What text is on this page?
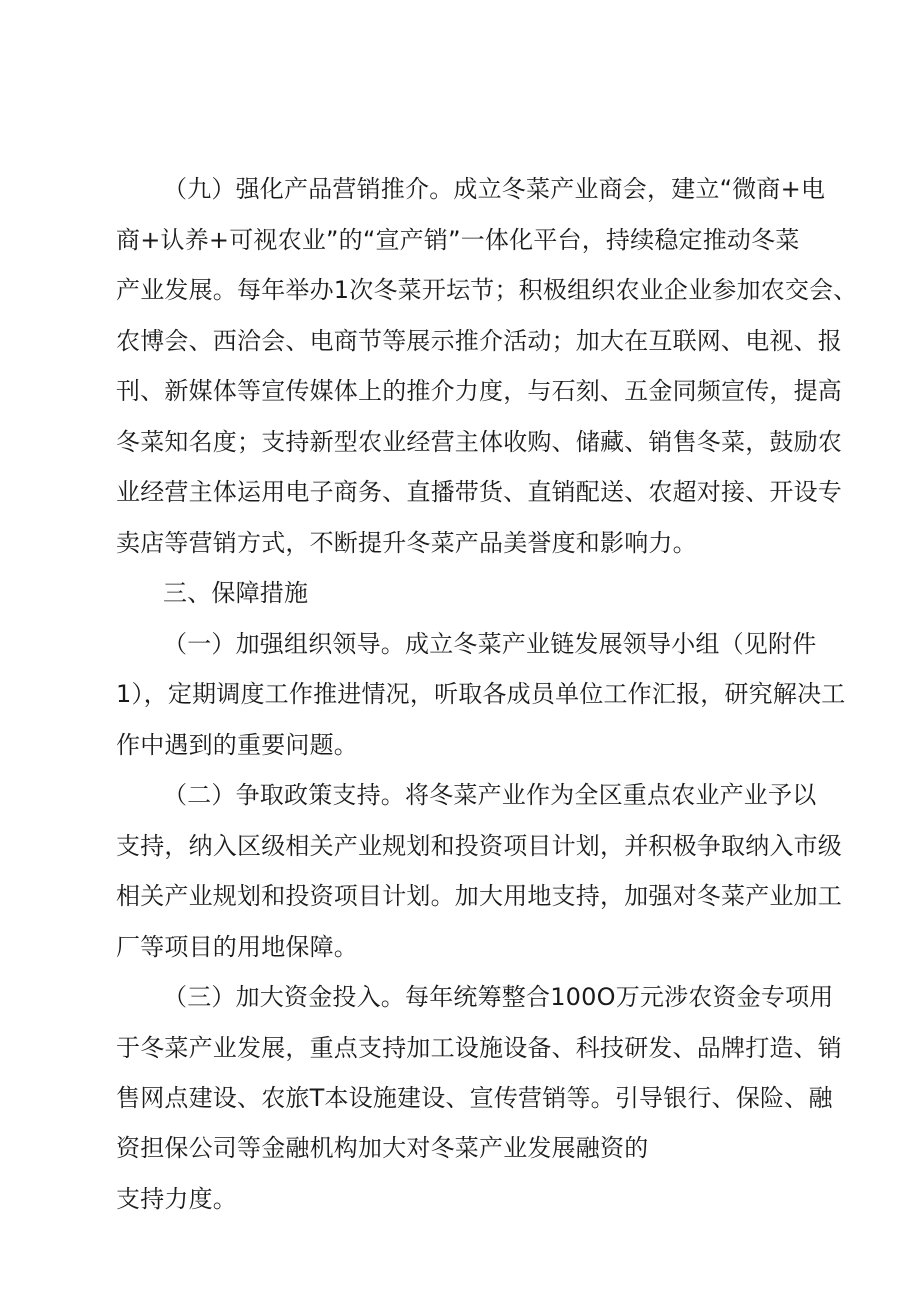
（九）强化产品营销推介。成立冬菜产业商会，建立“微商+电
商+认养+可视农业”的“宣产销”一体化平台，持续稳定推动冬菜
产业发展。每年举办1次冬菜开坛节；积极组织农业企业参加农交会、
农博会、西洽会、电商节等展示推介活动；加大在互联网、电视、报
刊、新媒体等宣传媒体上的推介力度，与石刻、五金同频宣传，提高
冬菜知名度；支持新型农业经营主体收购、储藏、销售冬菜，鼓励农
业经营主体运用电子商务、直播带货、直销配送、农超对接、开设专
卖店等营销方式，不断提升冬菜产品美誉度和影响力。
三、保障措施
（一）加强组织领导。成立冬菜产业链发展领导小组（见附件
1），定期调度工作推进情况，听取各成员单位工作汇报，研究解决工
作中遇到的重要问题。
（二）争取政策支持。将冬菜产业作为全区重点农业产业予以
支持，纳入区级相关产业规划和投资项目计划，并积极争取纳入市级
相关产业规划和投资项目计划。加大用地支持，加强对冬菜产业加工
厂等项目的用地保障。
（三）加大资金投入。每年统筹整合100O万元涉农资金专项用
于冬菜产业发展，重点支持加工设施设备、科技研发、品牌打造、销
售网点建设、农旅T本设施建设、宣传营销等。引导银行、保险、融
资担保公司等金融机构加大对冬菜产业发展融资的
支持力度。
